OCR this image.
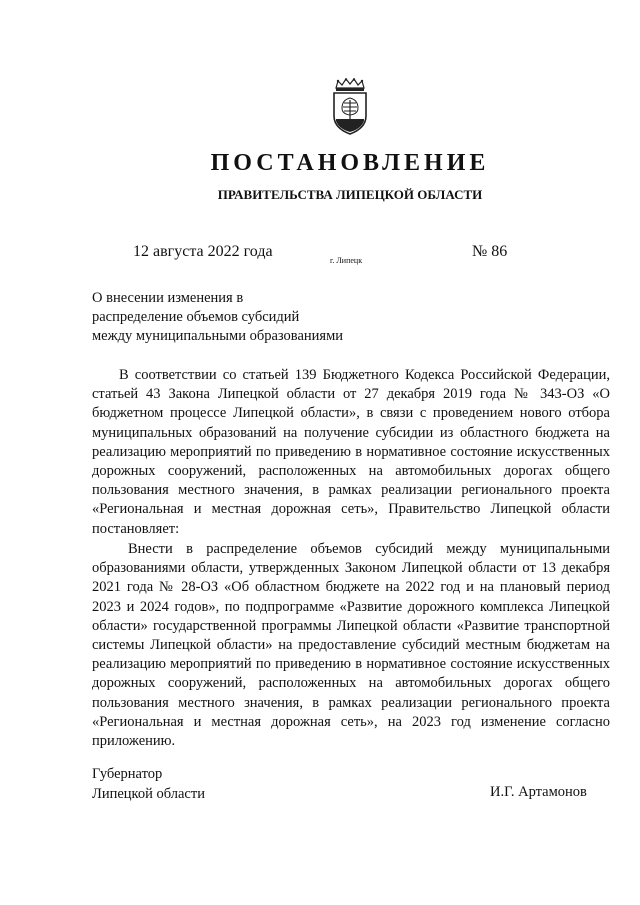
ПОСТАНОВЛЕНИЕ
ПРАВИТЕЛЬСТВА ЛИПЕЦКОЙ ОБЛАСТИ
12 августа 2022 года
г. Липецк
№ 86
О внесении изменения в
распределение объемов субсидий
между муниципальными образованиями

В соответствии со статьей 139 Бюджетного Кодекса Российской Федерации, статьей 43 Закона Липецкой области от 27 декабря 2019 года № 343-ОЗ «О бюджетном процессе Липецкой области», в связи с проведением нового отбора муниципальных образований на получение субсидии из областного бюджета на реализацию мероприятий по приведению в нормативное состояние искусственных дорожных сооружений, расположенных на автомобильных дорогах общего пользования местного значения, в рамках реализации регионального проекта «Региональная и местная дорожная сеть», Правительство Липецкой области постановляет:

Внести в распределение объемов субсидий между муниципальными образованиями области, утвержденных Законом Липецкой области от 13 декабря 2021 года № 28-ОЗ «Об областном бюджете на 2022 год и на плановый период 2023 и 2024 годов», по подпрограмме «Развитие дорожного комплекса Липецкой области» государственной программы Липецкой области «Развитие транспортной системы Липецкой области» на предоставление субсидий местным бюджетам на реализацию мероприятий по приведению в нормативное состояние искусственных дорожных сооружений, расположенных на автомобильных дорогах общего пользования местного значения, в рамках реализации регионального проекта «Региональная и местная дорожная сеть», на 2023 год изменение согласно приложению.

Губернатор
Липецкой области	И.Г. Артамонов
